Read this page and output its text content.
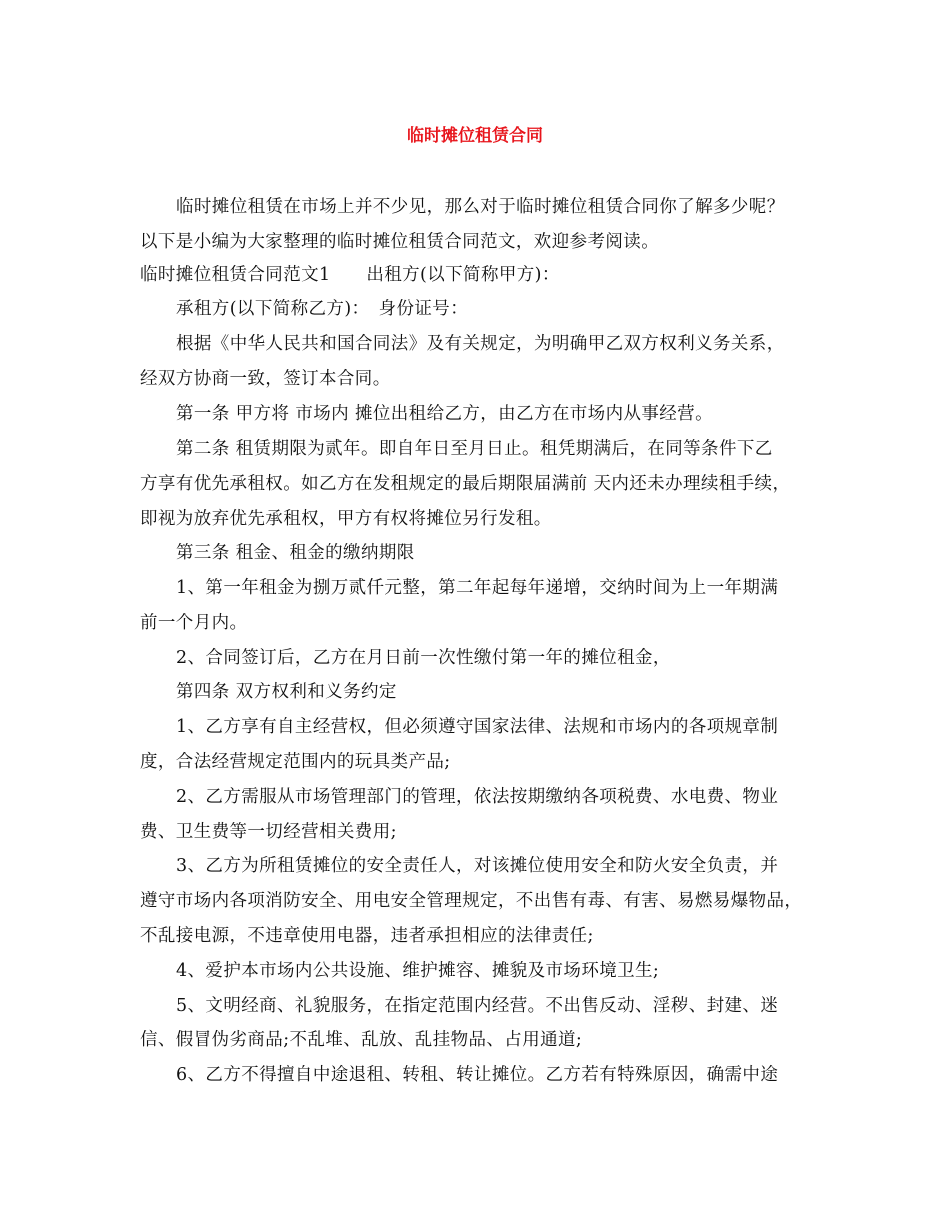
临时摊位租赁合同
临时摊位租赁在市场上并不少见，那么对于临时摊位租赁合同你了解多少呢？
以下是小编为大家整理的临时摊位租赁合同范文，欢迎参考阅读。
临时摊位租赁合同范文1　　出租方(以下简称甲方)：
承租方(以下简称乙方)：　身份证号：
根据《中华人民共和国合同法》及有关规定，为明确甲乙双方权利义务关系，
经双方协商一致，签订本合同。
第一条 甲方将 市场内 摊位出租给乙方，由乙方在市场内从事经营。
第二条 租赁期限为贰年。即自年日至月日止。租凭期满后，在同等条件下乙
方享有优先承租权。如乙方在发租规定的最后期限届满前 天内还未办理续租手续，
即视为放弃优先承租权，甲方有权将摊位另行发租。
第三条 租金、租金的缴纳期限
1、第一年租金为捌万贰仟元整，第二年起每年递增，交纳时间为上一年期满
前一个月内。
2、合同签订后，乙方在月日前一次性缴付第一年的摊位租金，
第四条 双方权利和义务约定
1、乙方享有自主经营权，但必须遵守国家法律、法规和市场内的各项规章制
度，合法经营规定范围内的玩具类产品;
2、乙方需服从市场管理部门的管理，依法按期缴纳各项税费、水电费、物业
费、卫生费等一切经营相关费用;
3、乙方为所租赁摊位的安全责任人，对该摊位使用安全和防火安全负责，并
遵守市场内各项消防安全、用电安全管理规定，不出售有毒、有害、易燃易爆物品，
不乱接电源，不违章使用电器，违者承担相应的法律责任;
4、爱护本市场内公共设施、维护摊容、摊貌及市场环境卫生;
5、文明经商、礼貌服务，在指定范围内经营。不出售反动、淫秽、封建、迷
信、假冒伪劣商品;不乱堆、乱放、乱挂物品、占用通道;
6、乙方不得擅自中途退租、转租、转让摊位。乙方若有特殊原因，确需中途
